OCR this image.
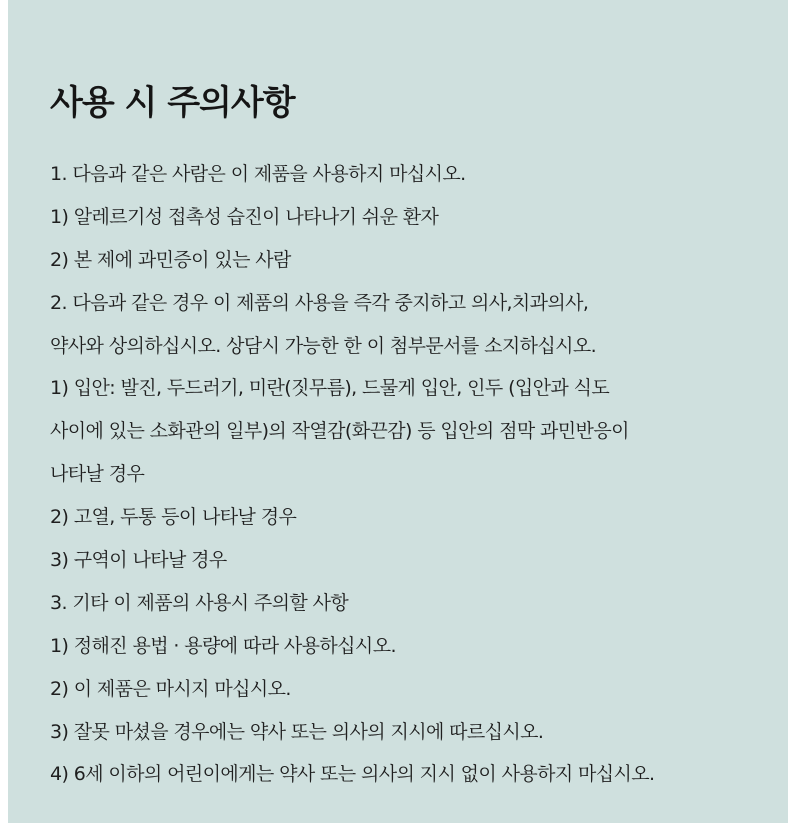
사용 시 주의사항
1. 다음과 같은 사람은 이 제품을 사용하지 마십시오.
1) 알레르기성 접촉성 습진이 나타나기 쉬운 환자
2) 본 제에 과민증이 있는 사람
2. 다음과 같은 경우 이 제품의 사용을 즉각 중지하고 의사,치과의사,
약사와 상의하십시오. 상담시 가능한 한 이 첨부문서를 소지하십시오.
1) 입안: 발진, 두드러기, 미란(짓무름), 드물게 입안, 인두 (입안과 식도
사이에 있는 소화관의 일부)의 작열감(화끈감) 등 입안의 점막 과민반응이
나타날 경우
2) 고열, 두통 등이 나타날 경우
3) 구역이 나타날 경우
3. 기타 이 제품의 사용시 주의할 사항
1) 정해진 용법 · 용량에 따라 사용하십시오.
2) 이 제품은 마시지 마십시오.
3) 잘못 마셨을 경우에는 약사 또는 의사의 지시에 따르십시오.
4) 6세 이하의 어린이에게는 약사 또는 의사의 지시 없이 사용하지 마십시오.
